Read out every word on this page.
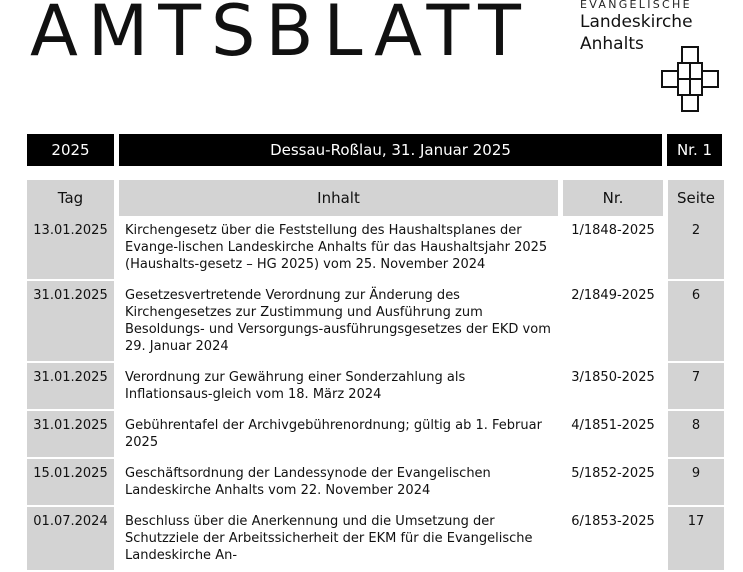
AMTSBLATT	EVANGELISCHE
Landeskirche
Anhalts
2025	Dessau-Roßlau, 31. Januar 2025	Nr. 1
Tag	Inhalt	Nr.	Seite
13.01.2025	Kirchengesetz über die Feststellung des Haushaltsplanes der Evange-lischen Landeskirche Anhalts für das Haushaltsjahr 2025 (Haushalts-gesetz – HG 2025) vom 25. November 2024	1/1848-2025	2
31.01.2025	Gesetzesvertretende Verordnung zur Änderung des Kirchengesetzes zur Zustimmung und Ausführung zum Besoldungs- und Versorgungs-ausführungsgesetzes der EKD vom 29. Januar 2024	2/1849-2025	6
31.01.2025	Verordnung zur Gewährung einer Sonderzahlung als Inflationsaus-gleich vom 18. März 2024	3/1850-2025	7
31.01.2025	Gebührentafel der Archivgebührenordnung; gültig ab 1. Februar 2025	4/1851-2025	8
15.01.2025	Geschäftsordnung der Landessynode der Evangelischen Landeskirche Anhalts vom 22. November 2024	5/1852-2025	9
01.07.2024	Beschluss über die Anerkennung und die Umsetzung der Schutzziele der Arbeitssicherheit der EKM für die Evangelische Landeskirche An-	6/1853-2025	17
